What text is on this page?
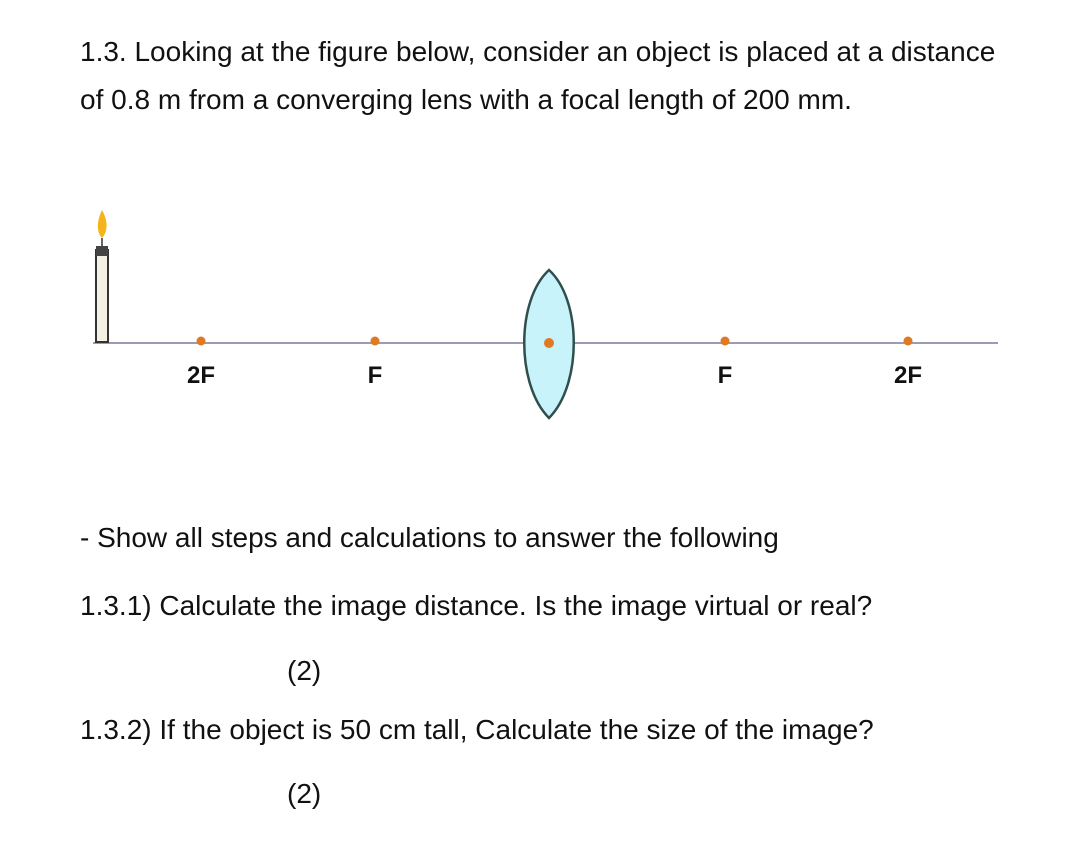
1.3. Looking at the figure below, consider an object is placed at a distance of 0.8 m from a converging lens with a focal length of 200 mm.

2F	F	F	2F

- Show all steps and calculations to answer the following

1.3.1) Calculate the image distance. Is the image virtual or real?

(2)

1.3.2) If the object is 50 cm tall, Calculate the size of the image?

(2)
